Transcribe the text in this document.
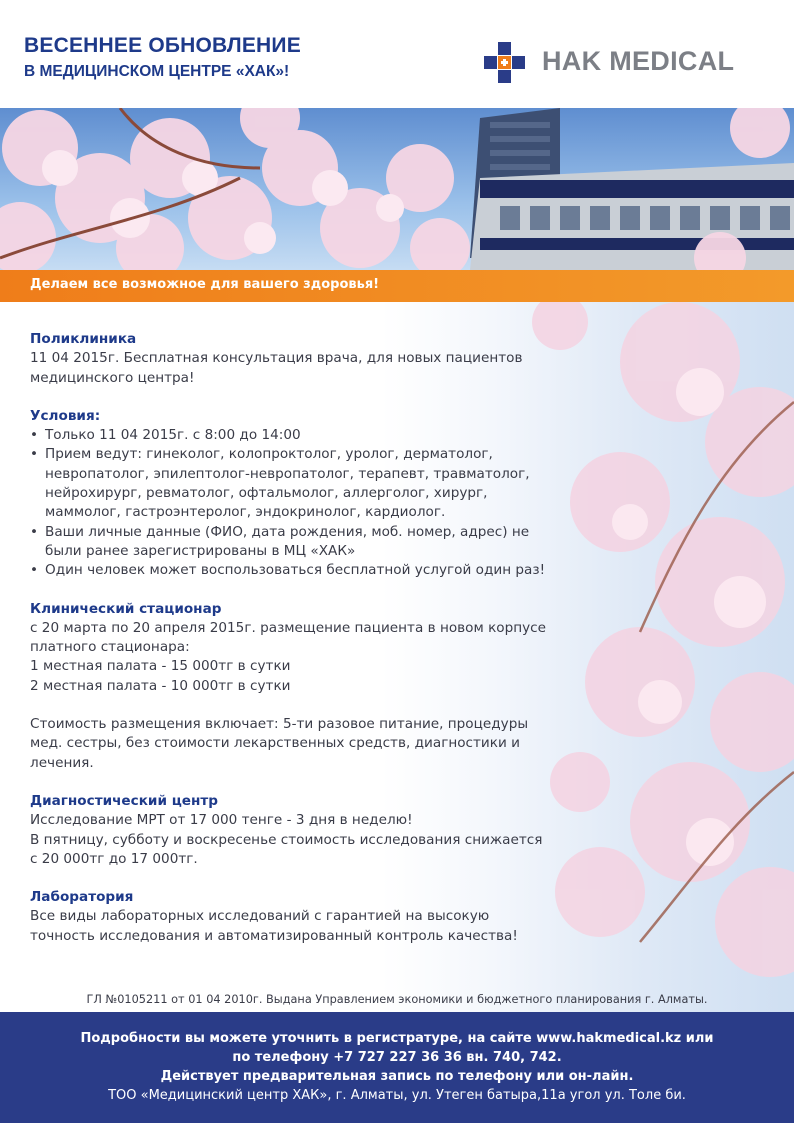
ВЕСЕННЕЕ ОБНОВЛЕНИЕ
В МЕДИЦИНСКОМ ЦЕНТРЕ «ХАК»!	HAK MEDICAL
Делаем все возможное для вашего здоровья!

Поликлиника

11 04 2015г. Бесплатная консультация врача, для новых пациентов

медицинского центра!

Условия:

• Только 11 04 2015г. с 8:00 до 14:00
• Прием ведут: гинеколог, колопроктолог, уролог, дерматолог,
невропатолог, эпилептолог-невропатолог, терапевт, травматолог,
нейрохирург, ревматолог, офтальмолог, аллерголог, хирург,
маммолог, гастроэнтеролог, эндокринолог, кардиолог.
• Ваши личные данные (ФИО, дата рождения, моб. номер, адрес) не
были ранее зарегистрированы в МЦ «ХАК»
• Один человек может воспользоваться бесплатной услугой один раз!

Клинический стационар

с 20 марта по 20 апреля 2015г. размещение пациента в новом корпусе

платного стационара:

1 местная палата - 15 000тг в сутки

2 местная палата - 10 000тг в сутки

Стоимость размещения включает: 5-ти разовое питание, процедуры

мед. сестры, без стоимости лекарственных средств, диагностики и

лечения.

Диагностический центр

Исследование МРТ от 17 000 тенге - 3 дня в неделю!

В пятницу, субботу и воскресенье стоимость исследования снижается

с 20 000тг до 17 000тг.

Лаборатория

Все виды лабораторных исследований с гарантией на высокую

точность исследования и автоматизированный контроль качества!

ГЛ №0105211 от 01 04 2010г. Выдана Управлением экономики и бюджетного планирования г. Алматы.
Подробности вы можете уточнить в регистратуре, на сайте www.hakmedical.kz или
по телефону +7 727 227 36 36 вн. 740, 742.
Действует предварительная запись по телефону или он-лайн.
ТОО «Медицинский центр ХАК», г. Алматы, ул. Утеген батыра,11а угол ул. Толе би.
